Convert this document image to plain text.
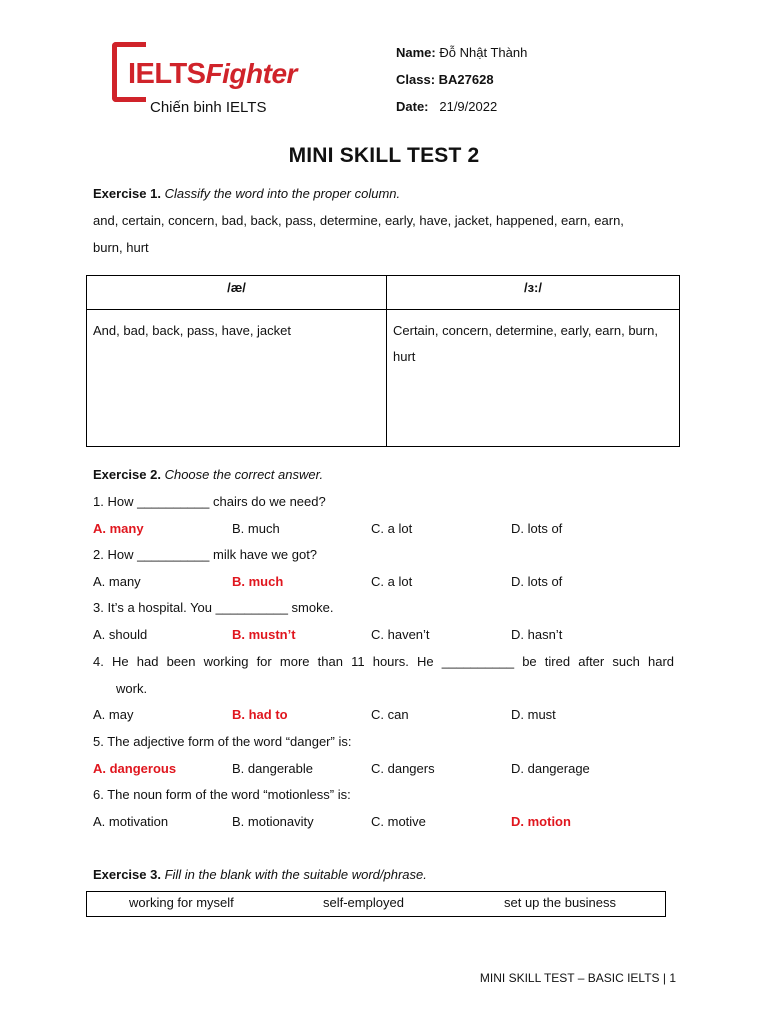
IELTSFighter
Chiến binh IELTS
Name: Đỗ Nhật Thành
Class: BA27628
Date: 21/9/2022
MINI SKILL TEST 2
Exercise 1. Classify the word into the proper column.
and, certain, concern, bad, back, pass, determine, early, have, jacket, happened, earn, earn,
burn, hurt
/æ/	/ɜ:/
And, bad, back, pass, have, jacket	Certain, concern, determine, early, earn, burn, hurt
Exercise 2. Choose the correct answer.
1. How __________ chairs do we need?
A. many	B. much	C. a lot	D. lots of
2. How __________ milk have we got?
A. many	B. much	C. a lot	D. lots of
3. It’s a hospital. You __________ smoke.
A. should	B. mustn’t	C. haven’t	D. hasn’t
4. He had been working for more than 11 hours. He __________ be tired after such hard
work.
A. may	B. had to	C. can	D. must
5. The adjective form of the word “danger” is:
A. dangerous	B. dangerable	C. dangers	D. dangerage
6. The noun form of the word “motionless” is:
A. motivation	B. motionavity	C. motive	D. motion
Exercise 3. Fill in the blank with the suitable word/phrase.
working for myself	self-employed	set up the business
MINI SKILL TEST – BASIC IELTS | 1
